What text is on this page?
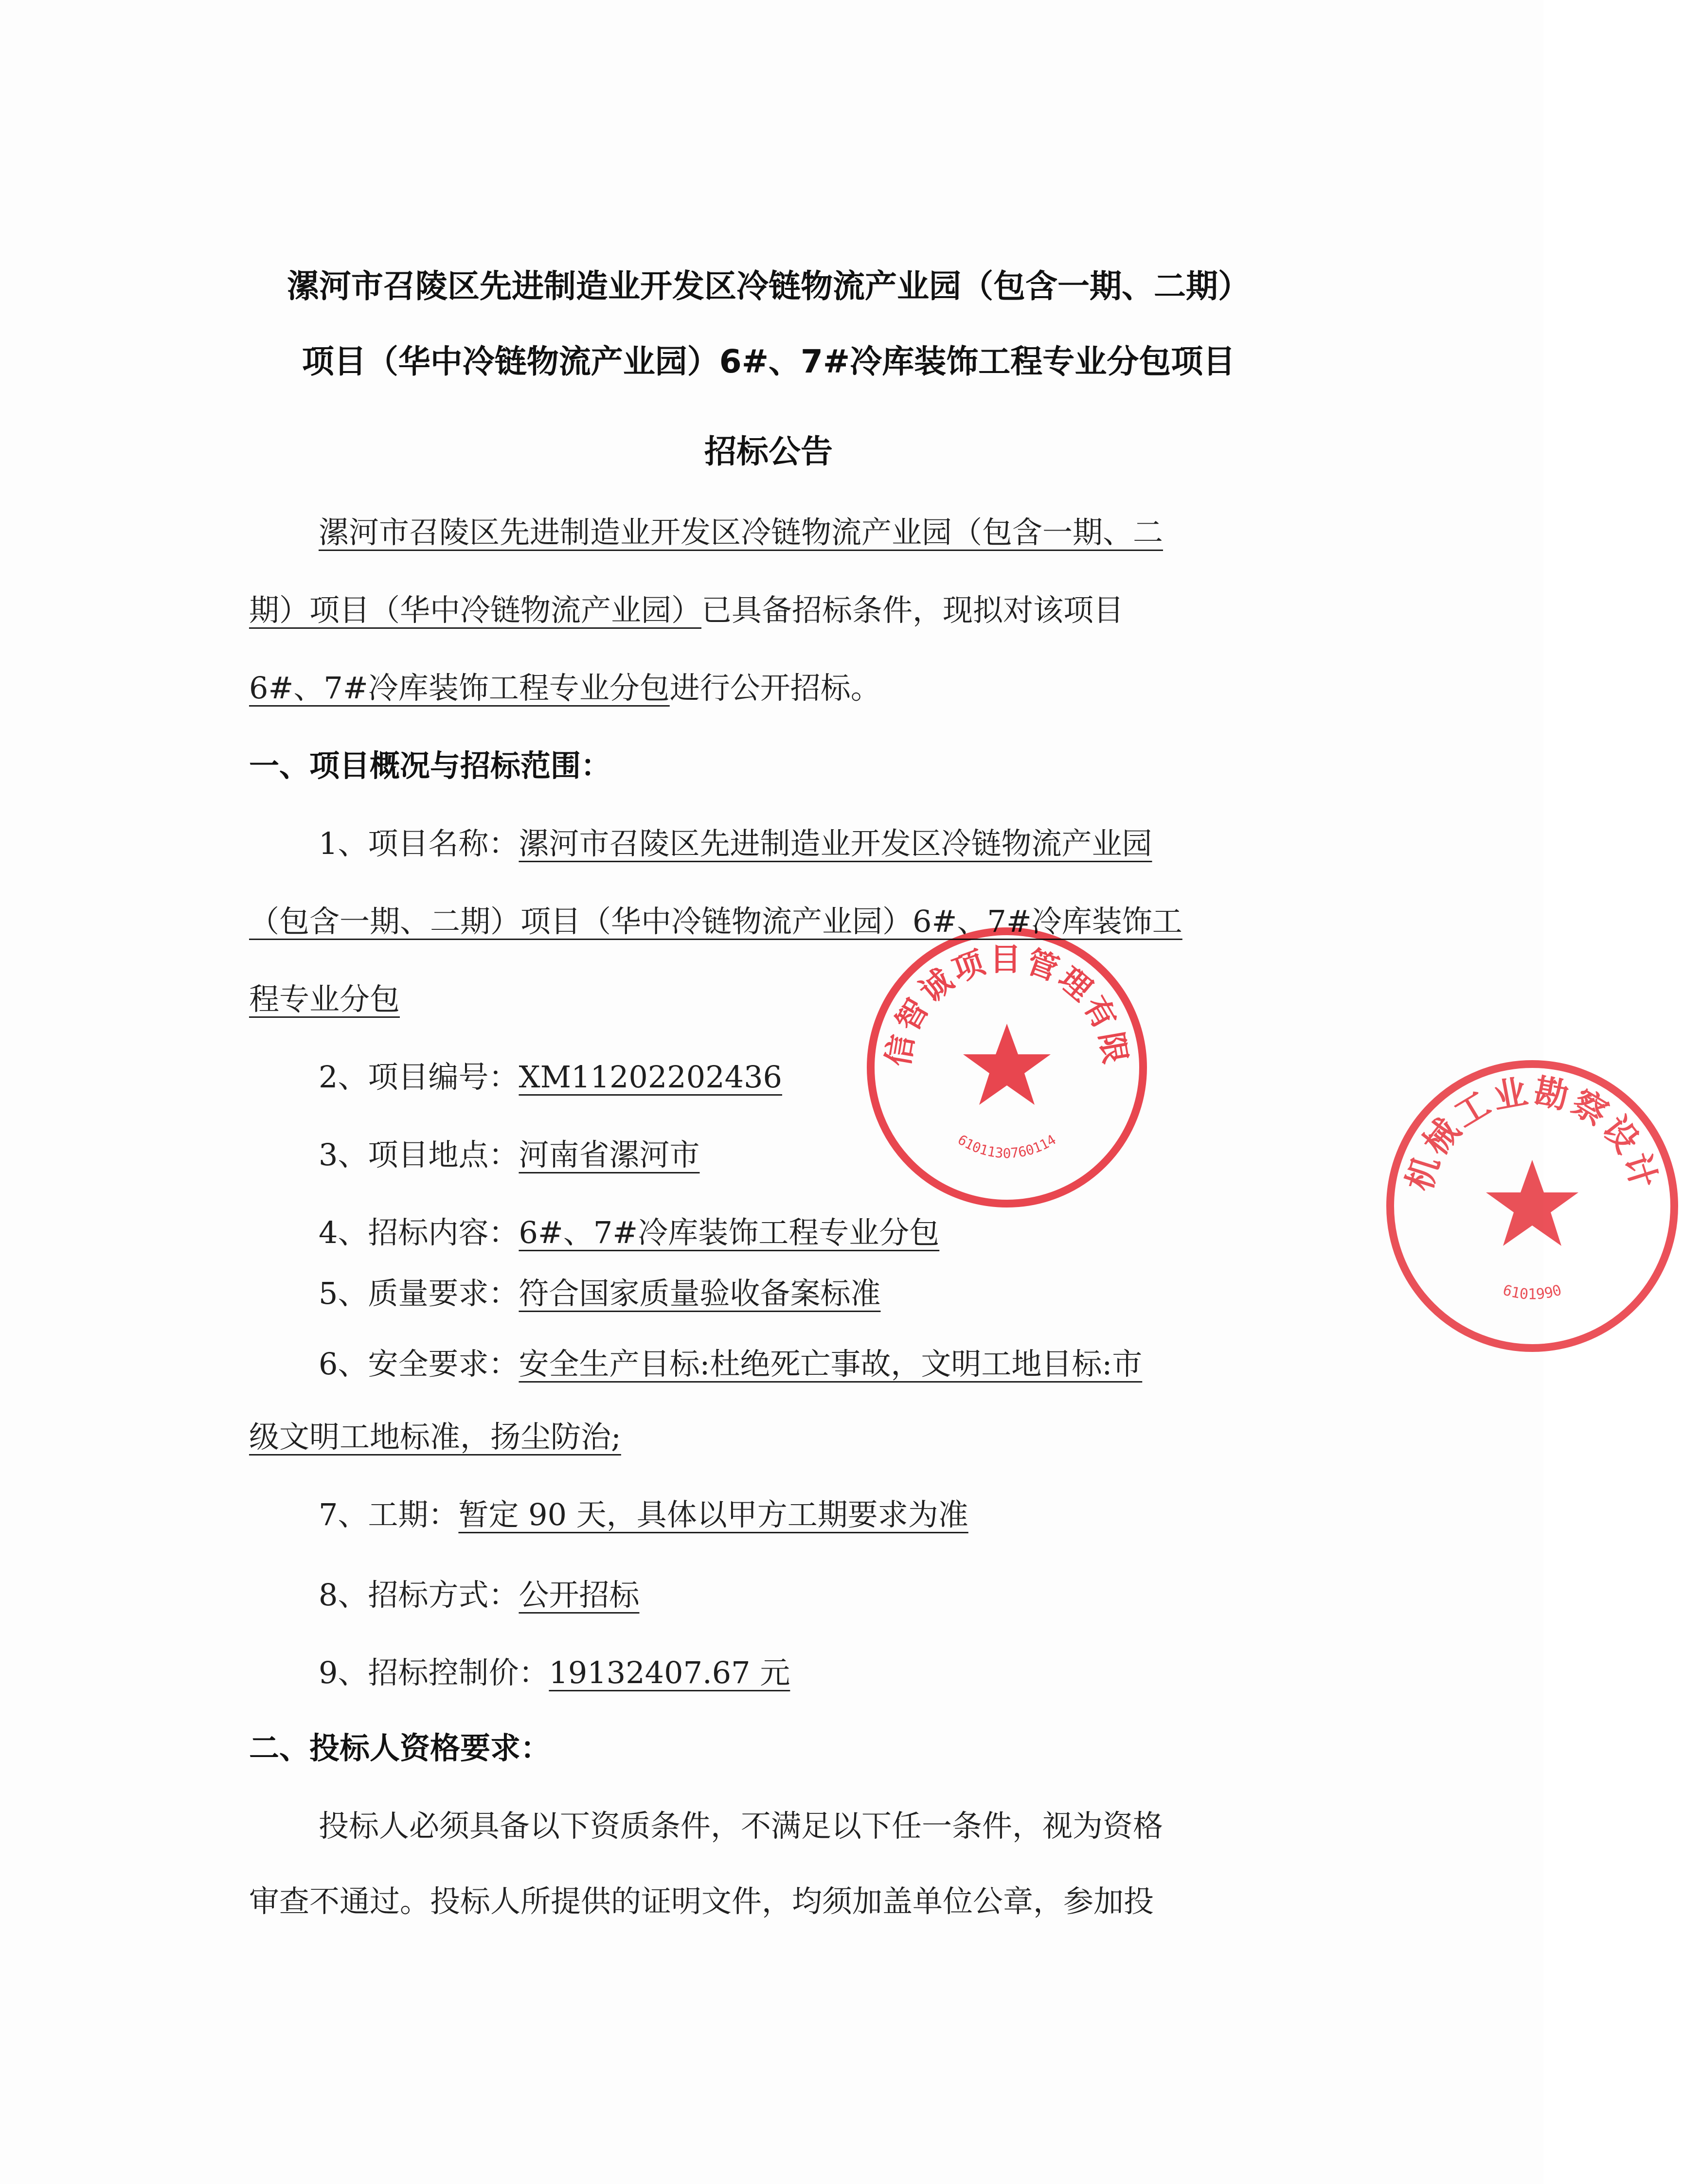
漯河市召陵区先进制造业开发区冷链物流产业园（包含一期、二期）
项目（华中冷链物流产业园）6#、7#冷库装饰工程专业分包项目
招标公告
漯河市召陵区先进制造业开发区冷链物流产业园（包含一期、二
期）项目（华中冷链物流产业园）已具备招标条件，现拟对该项目
6#、7#冷库装饰工程专业分包进行公开招标。
一、项目概况与招标范围：
1、项目名称：漯河市召陵区先进制造业开发区冷链物流产业园
（包含一期、二期）项目（华中冷链物流产业园）6#、7#冷库装饰工
程专业分包
2、项目编号：XM11202202436
3、项目地点：河南省漯河市
4、招标内容：6#、7#冷库装饰工程专业分包
5、质量要求：符合国家质量验收备案标准
6、安全要求：安全生产目标:杜绝死亡事故，文明工地目标:市
级文明工地标准，扬尘防治;
7、工期：暂定 90 天，具体以甲方工期要求为准
8、招标方式：公开招标
9、招标控制价：19132407.67 元
二、投标人资格要求：
投标人必须具备以下资质条件，不满足以下任一条件，视为资格
审查不通过。投标人所提供的证明文件，均须加盖单位公章，参加投
信智诚项目管理有限
6101130760114
机械工业勘察设计
6101990
